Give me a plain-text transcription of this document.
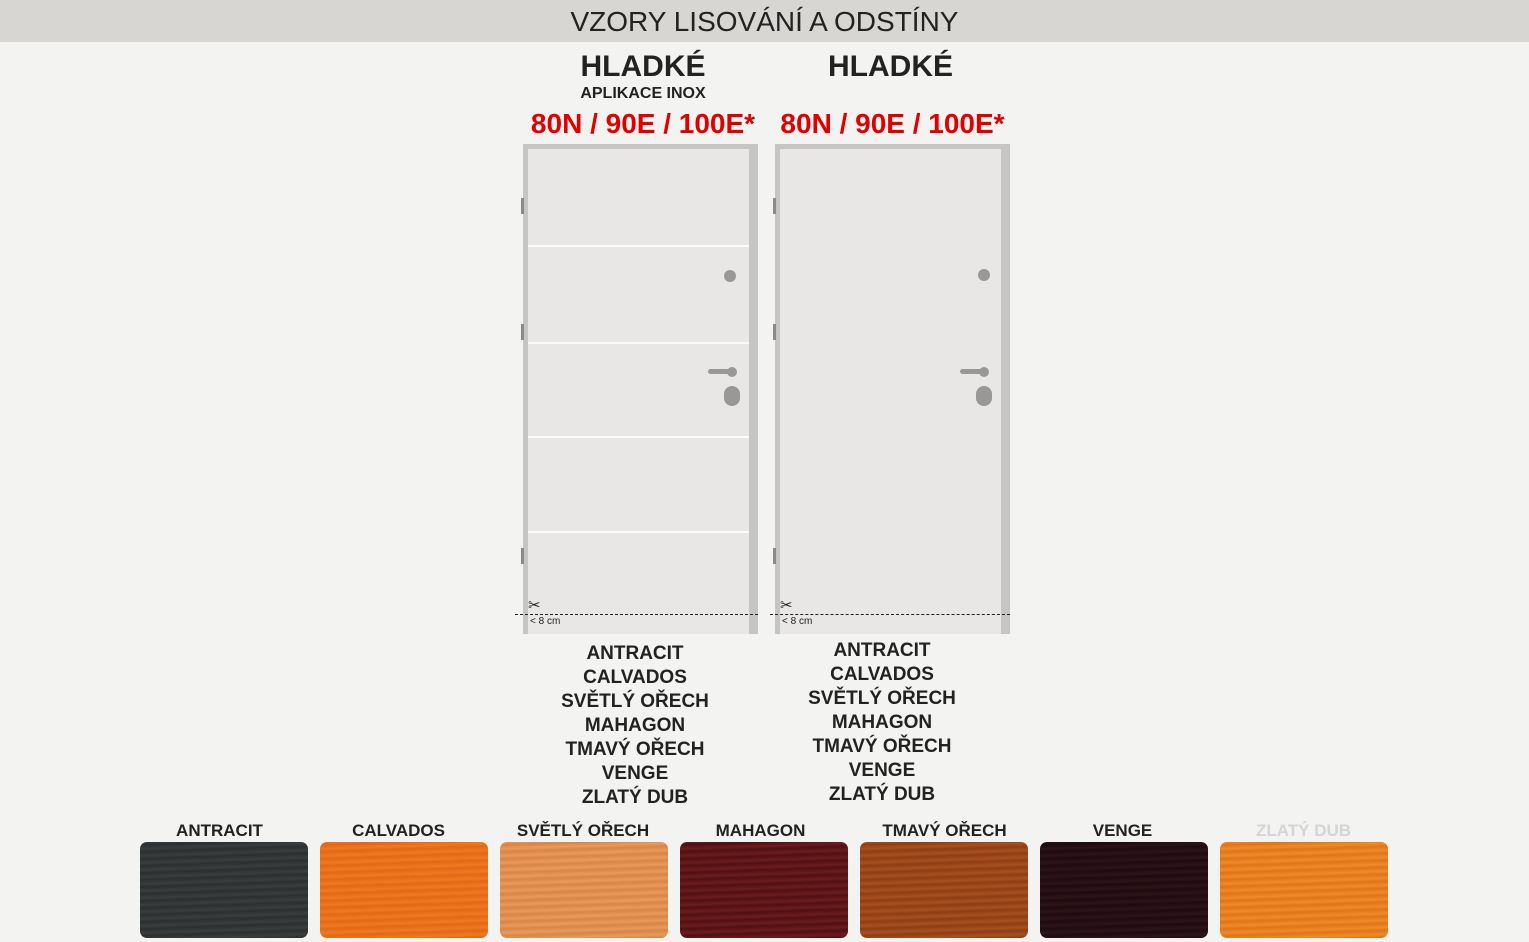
VZORY LISOVÁNÍ A ODSTÍNY
HLADKÉ
APLIKACE INOX
80N / 90E / 100E*
✂
< 8 cm
ANTRACIT
CALVADOS
SVĚTLÝ OŘECH
MAHAGON
TMAVÝ OŘECH
VENGE
ZLATÝ DUB
HLADKÉ
80N / 90E / 100E*
✂
< 8 cm
ANTRACIT
CALVADOS
SVĚTLÝ OŘECH
MAHAGON
TMAVÝ OŘECH
VENGE
ZLATÝ DUB
ANTRACIT	CALVADOS	SVĚTLÝ OŘECH	MAHAGON	TMAVÝ OŘECH	VENGE	ZLATÝ DUB
